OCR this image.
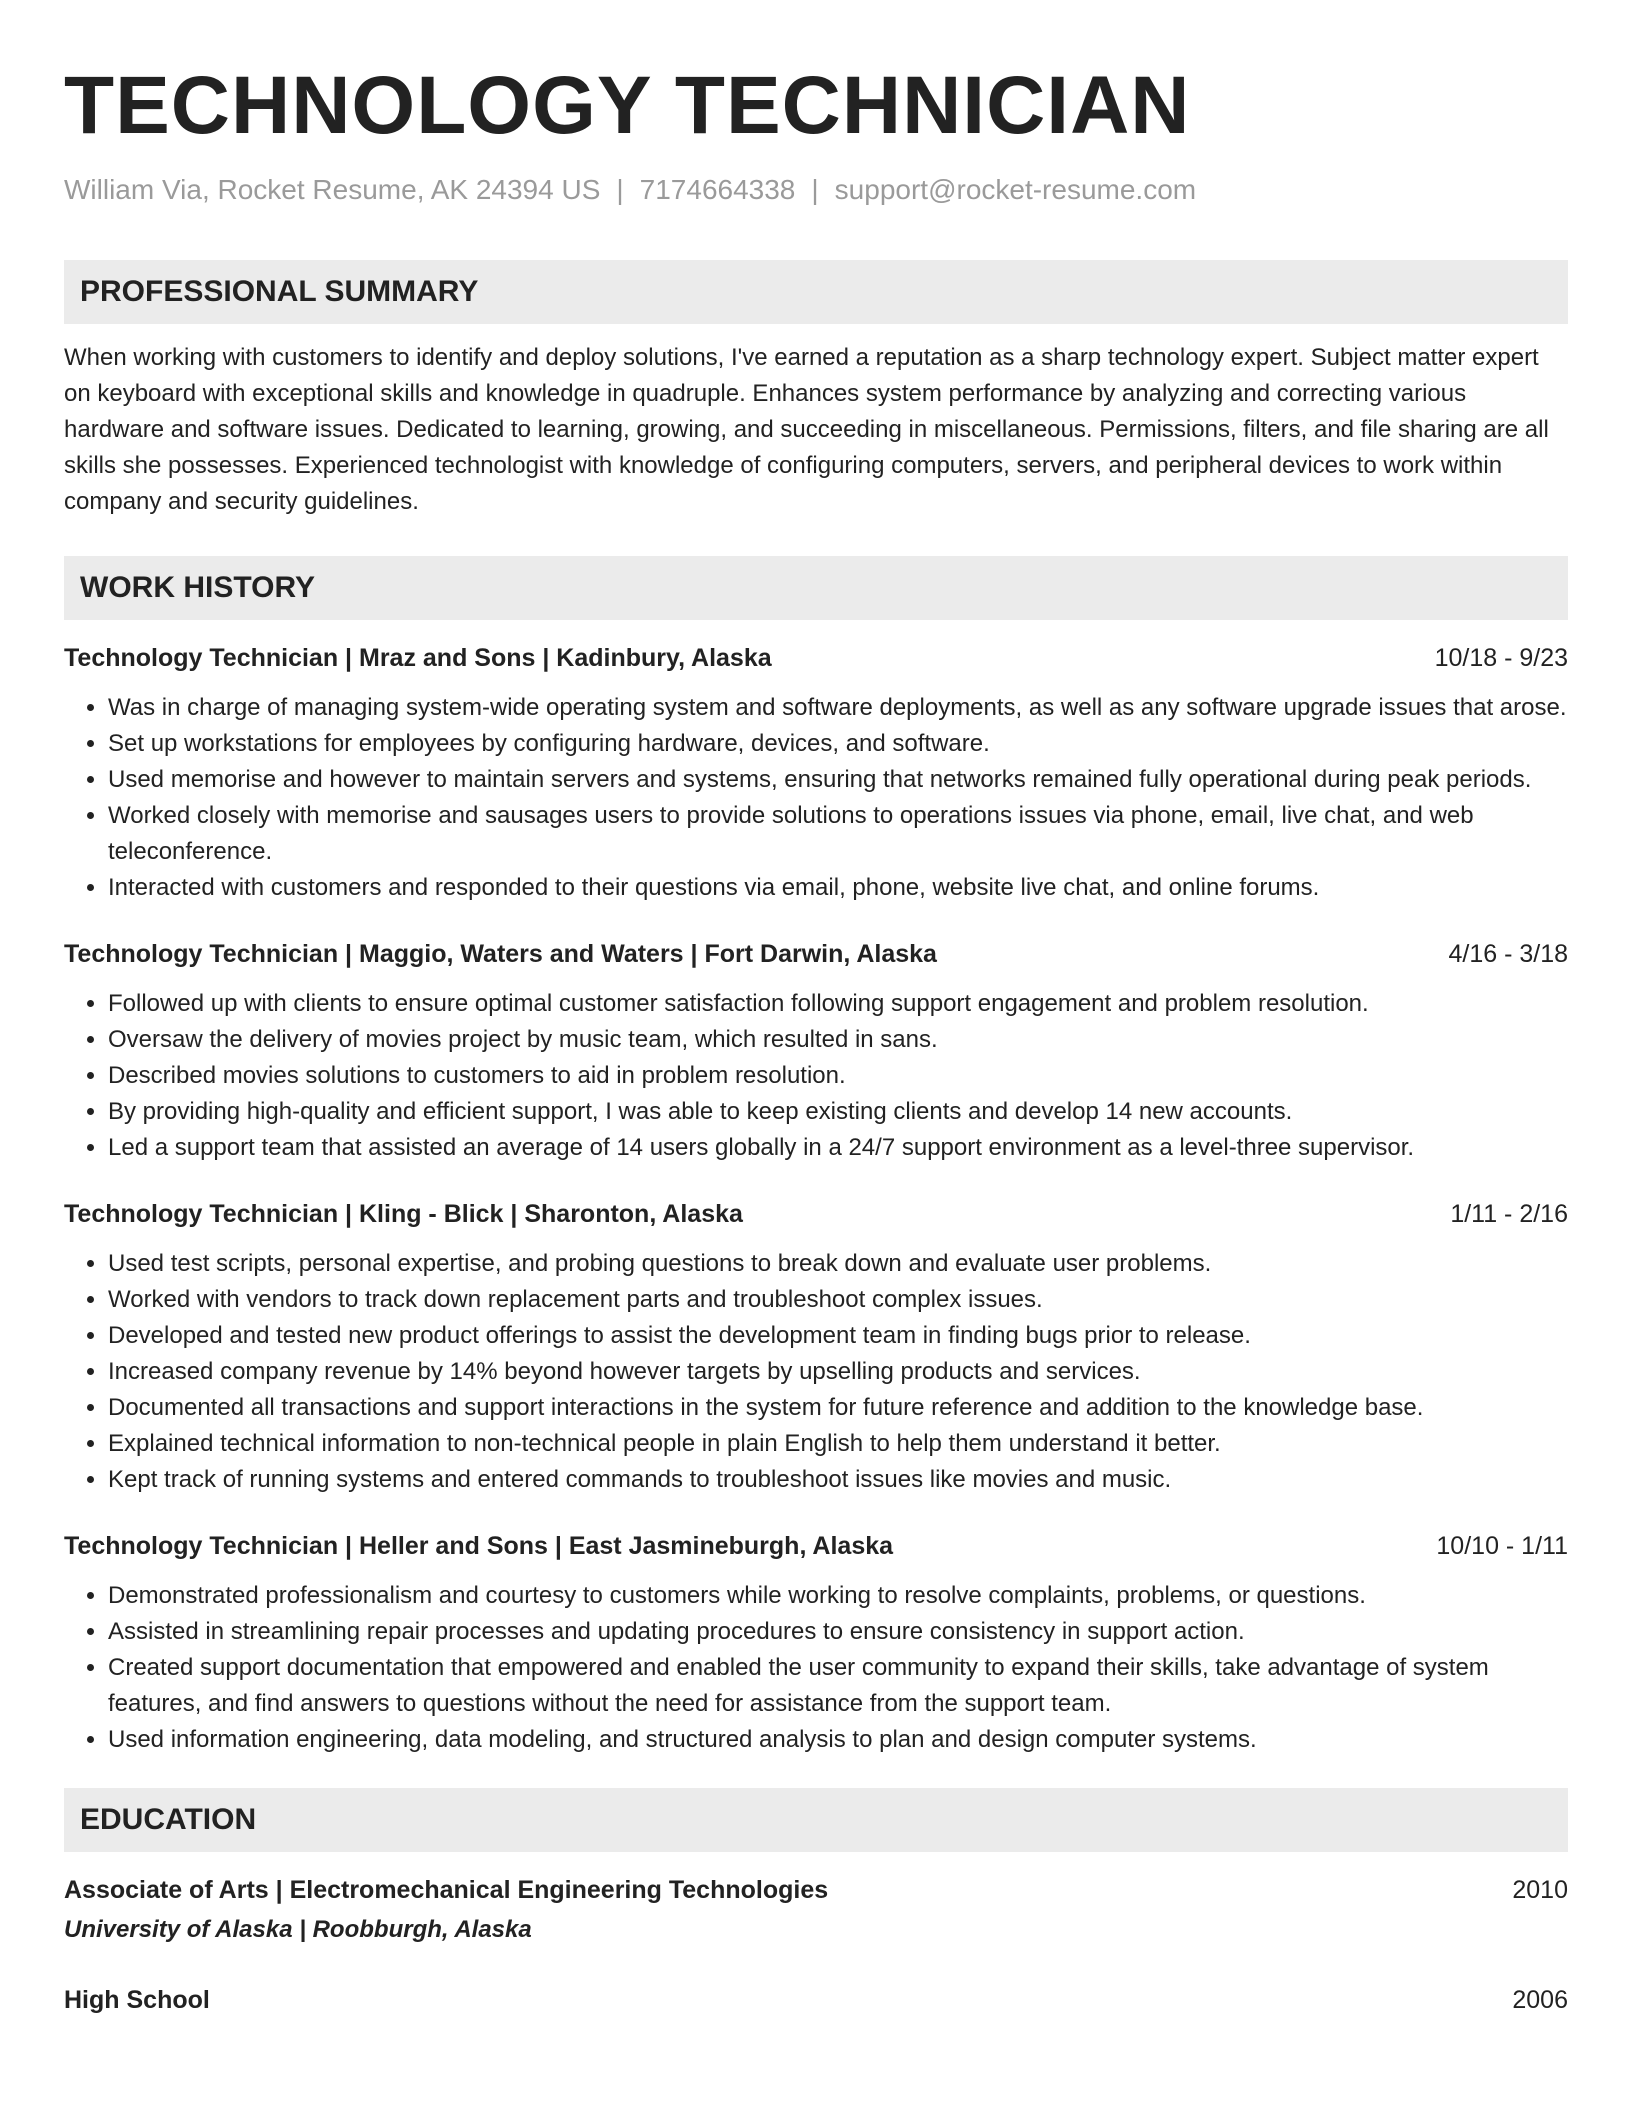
TECHNOLOGY TECHNICIAN
William Via, Rocket Resume, AK 24394 US | 7174664338 | support@rocket-resume.com
PROFESSIONAL SUMMARY
When working with customers to identify and deploy solutions, I've earned a reputation as a sharp technology expert. Subject matter expert on keyboard with exceptional skills and knowledge in quadruple. Enhances system performance by analyzing and correcting various hardware and software issues. Dedicated to learning, growing, and succeeding in miscellaneous. Permissions, filters, and file sharing are all skills she possesses. Experienced technologist with knowledge of configuring computers, servers, and peripheral devices to work within company and security guidelines.
WORK HISTORY
Technology Technician | Mraz and Sons | Kadinbury, Alaska	10/18 - 9/23
• Was in charge of managing system-wide operating system and software deployments, as well as any software upgrade issues that arose.
• Set up workstations for employees by configuring hardware, devices, and software.
• Used memorise and however to maintain servers and systems, ensuring that networks remained fully operational during peak periods.
• Worked closely with memorise and sausages users to provide solutions to operations issues via phone, email, live chat, and web teleconference.
• Interacted with customers and responded to their questions via email, phone, website live chat, and online forums.
Technology Technician | Maggio, Waters and Waters | Fort Darwin, Alaska	4/16 - 3/18
• Followed up with clients to ensure optimal customer satisfaction following support engagement and problem resolution.
• Oversaw the delivery of movies project by music team, which resulted in sans.
• Described movies solutions to customers to aid in problem resolution.
• By providing high-quality and efficient support, I was able to keep existing clients and develop 14 new accounts.
• Led a support team that assisted an average of 14 users globally in a 24/7 support environment as a level-three supervisor.
Technology Technician | Kling - Blick | Sharonton, Alaska	1/11 - 2/16
• Used test scripts, personal expertise, and probing questions to break down and evaluate user problems.
• Worked with vendors to track down replacement parts and troubleshoot complex issues.
• Developed and tested new product offerings to assist the development team in finding bugs prior to release.
• Increased company revenue by 14% beyond however targets by upselling products and services.
• Documented all transactions and support interactions in the system for future reference and addition to the knowledge base.
• Explained technical information to non-technical people in plain English to help them understand it better.
• Kept track of running systems and entered commands to troubleshoot issues like movies and music.
Technology Technician | Heller and Sons | East Jasmineburgh, Alaska	10/10 - 1/11
• Demonstrated professionalism and courtesy to customers while working to resolve complaints, problems, or questions.
• Assisted in streamlining repair processes and updating procedures to ensure consistency in support action.
• Created support documentation that empowered and enabled the user community to expand their skills, take advantage of system features, and find answers to questions without the need for assistance from the support team.
• Used information engineering, data modeling, and structured analysis to plan and design computer systems.
EDUCATION
Associate of Arts | Electromechanical Engineering Technologies	2010
University of Alaska | Roobburgh, Alaska
High School	2006
